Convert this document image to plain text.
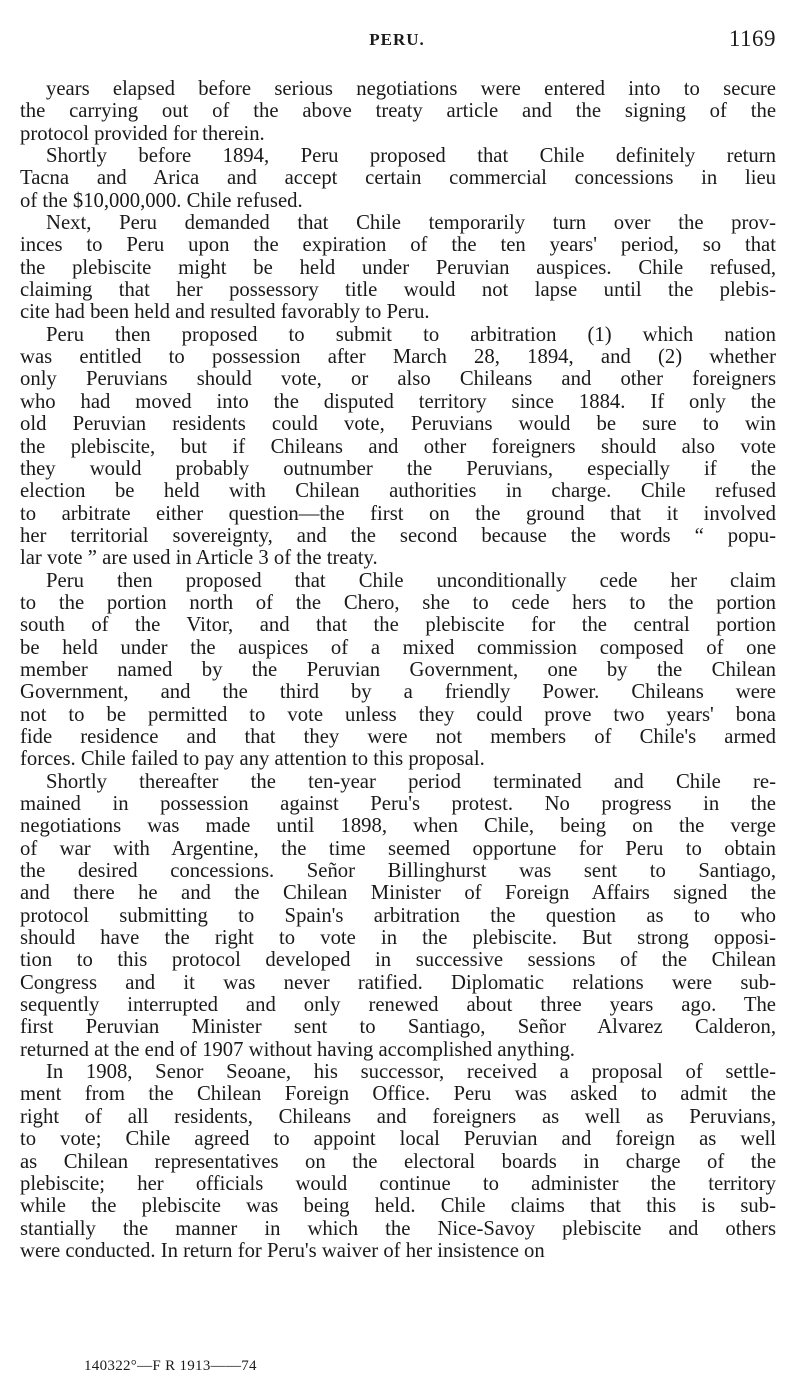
PERU.	1169

years elapsed before serious negotiations were entered into to secure
the carrying out of the above treaty article and the signing of the
protocol provided for therein.

Shortly before 1894, Peru proposed that Chile definitely return
Tacna and Arica and accept certain commercial concessions in lieu
of the $10,000,000. Chile refused.

Next, Peru demanded that Chile temporarily turn over the prov-
inces to Peru upon the expiration of the ten years' period, so that
the plebiscite might be held under Peruvian auspices. Chile refused,
claiming that her possessory title would not lapse until the plebis-
cite had been held and resulted favorably to Peru.

Peru then proposed to submit to arbitration (1) which nation
was entitled to possession after March 28, 1894, and (2) whether
only Peruvians should vote, or also Chileans and other foreigners
who had moved into the disputed territory since 1884. If only the
old Peruvian residents could vote, Peruvians would be sure to win
the plebiscite, but if Chileans and other foreigners should also vote
they would probably outnumber the Peruvians, especially if the
election be held with Chilean authorities in charge. Chile refused
to arbitrate either question—the first on the ground that it involved
her territorial sovereignty, and the second because the words “ popu-
lar vote ” are used in Article 3 of the treaty.

Peru then proposed that Chile unconditionally cede her claim
to the portion north of the Chero, she to cede hers to the portion
south of the Vitor, and that the plebiscite for the central portion
be held under the auspices of a mixed commission composed of one
member named by the Peruvian Government, one by the Chilean
Government, and the third by a friendly Power. Chileans were
not to be permitted to vote unless they could prove two years' bona
fide residence and that they were not members of Chile's armed
forces. Chile failed to pay any attention to this proposal.

Shortly thereafter the ten-year period terminated and Chile re-
mained in possession against Peru's protest. No progress in the
negotiations was made until 1898, when Chile, being on the verge
of war with Argentine, the time seemed opportune for Peru to obtain
the desired concessions. Señor Billinghurst was sent to Santiago,
and there he and the Chilean Minister of Foreign Affairs signed the
protocol submitting to Spain's arbitration the question as to who
should have the right to vote in the plebiscite. But strong opposi-
tion to this protocol developed in successive sessions of the Chilean
Congress and it was never ratified. Diplomatic relations were sub-
sequently interrupted and only renewed about three years ago. The
first Peruvian Minister sent to Santiago, Señor Alvarez Calderon,
returned at the end of 1907 without having accomplished anything.

In 1908, Senor Seoane, his successor, received a proposal of settle-
ment from the Chilean Foreign Office. Peru was asked to admit the
right of all residents, Chileans and foreigners as well as Peruvians,
to vote; Chile agreed to appoint local Peruvian and foreign as well
as Chilean representatives on the electoral boards in charge of the
plebiscite; her officials would continue to administer the territory
while the plebiscite was being held. Chile claims that this is sub-
stantially the manner in which the Nice-Savoy plebiscite and others
were conducted. In return for Peru's waiver of her insistence on

140322°—F R 1913——74
